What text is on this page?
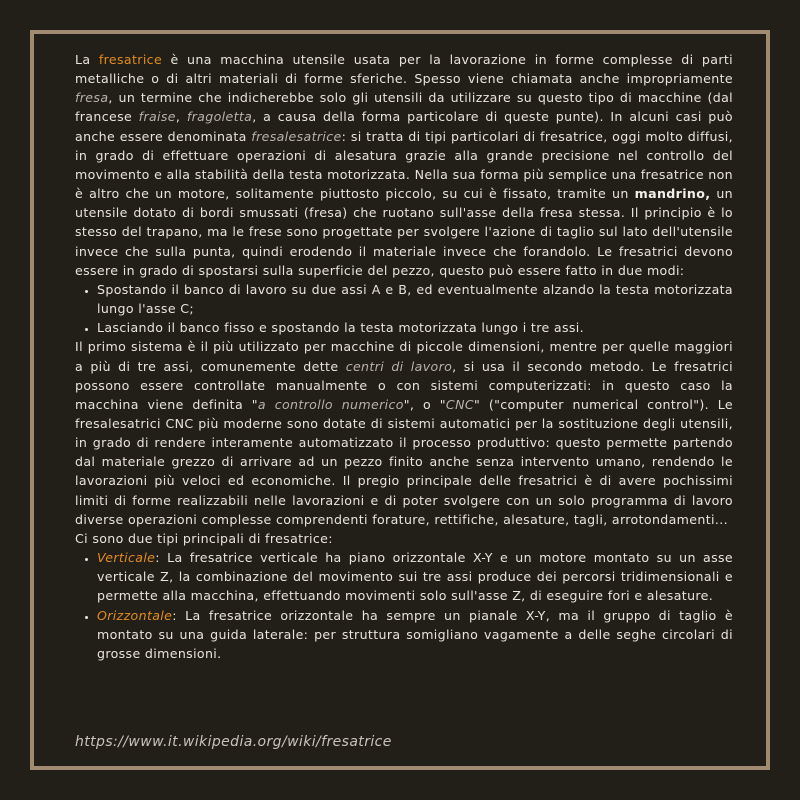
La fresatrice è una macchina utensile usata per la lavorazione in forme complesse di parti metalliche o di altri materiali di forme sferiche. Spesso viene chiamata anche impropriamente fresa, un termine che indicherebbe solo gli utensili da utilizzare su questo tipo di macchine (dal francese fraise, fragoletta, a causa della forma particolare di queste punte). In alcuni casi può anche essere denominata fresalesatrice: si tratta di tipi particolari di fresatrice, oggi molto diffusi, in grado di effettuare operazioni di alesatura grazie alla grande precisione nel controllo del movimento e alla stabilità della testa motorizzata. Nella sua forma più semplice una fresatrice non è altro che un motore, solitamente piuttosto piccolo, su cui è fissato, tramite un mandrino, un utensile dotato di bordi smussati (fresa) che ruotano sull'asse della fresa stessa. Il principio è lo stesso del trapano, ma le frese sono progettate per svolgere l'azione di taglio sul lato dell'utensile invece che sulla punta, quindi erodendo il materiale invece che forandolo. Le fresatrici devono essere in grado di spostarsi sulla superficie del pezzo, questo può essere fatto in due modi:

• Spostando il banco di lavoro su due assi A e B, ed eventualmente alzando la testa motorizzata lungo l'asse C;
• Lasciando il banco fisso e spostando la testa motorizzata lungo i tre assi.

Il primo sistema è il più utilizzato per macchine di piccole dimensioni, mentre per quelle maggiori a più di tre assi, comunemente dette centri di lavoro, si usa il secondo metodo. Le fresatrici possono essere controllate manualmente o con sistemi computerizzati: in questo caso la macchina viene definita "a controllo numerico", o "CNC" ("computer numerical control"). Le fresalesatrici CNC più moderne sono dotate di sistemi automatici per la sostituzione degli utensili, in grado di rendere interamente automatizzato il processo produttivo: questo permette partendo dal materiale grezzo di arrivare ad un pezzo finito anche senza intervento umano, rendendo le lavorazioni più veloci ed economiche. Il pregio principale delle fresatrici è di avere pochissimi limiti di forme realizzabili nelle lavorazioni e di poter svolgere con un solo programma di lavoro diverse operazioni complesse comprendenti forature, rettifiche, alesature, tagli, arrotondamenti...

Ci sono due tipi principali di fresatrice:

• Verticale: La fresatrice verticale ha piano orizzontale X-Y e un motore montato su un asse verticale Z, la combinazione del movimento sui tre assi produce dei percorsi tridimensionali e permette alla macchina, effettuando movimenti solo sull'asse Z, di eseguire fori e alesature.
• Orizzontale: La fresatrice orizzontale ha sempre un pianale X-Y, ma il gruppo di taglio è montato su una guida laterale: per struttura somigliano vagamente a delle seghe circolari di grosse dimensioni.
https://www.it.wikipedia.org/wiki/fresatrice
